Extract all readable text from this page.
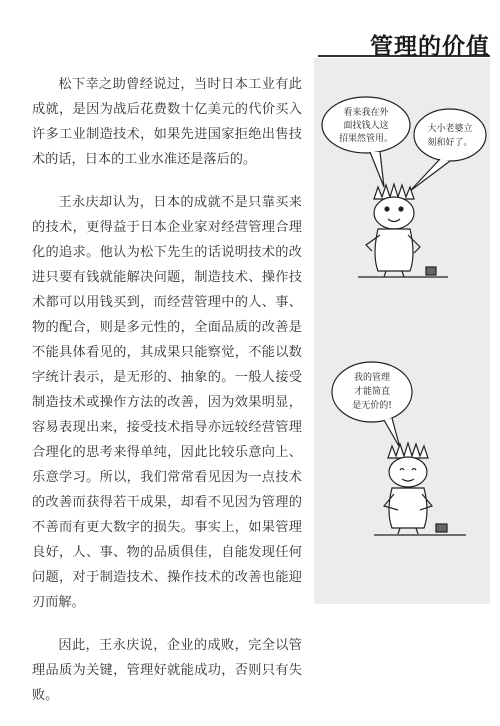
管理的价值

松下幸之助曾经说过，当时日本工业有此成就，是因为战后花费数十亿美元的代价买入许多工业制造技术，如果先进国家拒绝出售技术的话，日本的工业水准还是落后的。

王永庆却认为，日本的成就不是只靠买来的技术，更得益于日本企业家对经营管理合理化的追求。他认为松下先生的话说明技术的改进只要有钱就能解决问题，制造技术、操作技术都可以用钱买到，而经营管理中的人、事、物的配合，则是多元性的，全面品质的改善是不能具体看见的，其成果只能察觉，不能以数字统计表示，是无形的、抽象的。一般人接受制造技术或操作方法的改善，因为效果明显，容易表现出来，接受技术指导亦远较经营管理合理化的思考来得单纯，因此比较乐意向上、乐意学习。所以，我们常常看见因为一点技术的改善而获得若干成果，却看不见因为管理的不善而有更大数字的损失。事实上，如果管理良好，人、事、物的品质俱佳，自能发现任何问题，对于制造技术、操作技术的改善也能迎刃而解。

因此，王永庆说，企业的成败，完全以管理品质为关键，管理好就能成功，否则只有失败。

看来我在外
面找钱人这
招果然管用。
大小老婆立
刻和好了。
我的管理
才能简直
是无价的!
